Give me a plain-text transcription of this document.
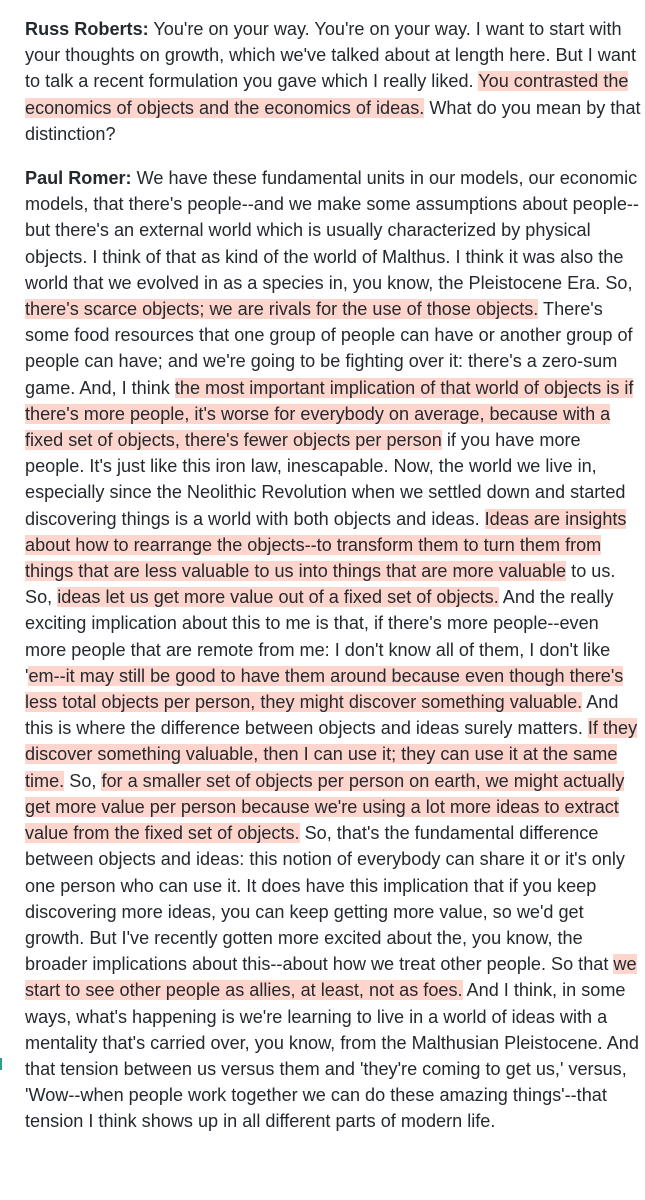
Russ Roberts: You're on your way. You're on your way. I want to start with your thoughts on growth, which we've talked about at length here. But I want to talk a recent formulation you gave which I really liked. You contrasted the economics of objects and the economics of ideas. What do you mean by that distinction?

Paul Romer: We have these fundamental units in our models, our economic models, that there's people--and we make some assumptions about people--but there's an external world which is usually characterized by physical objects. I think of that as kind of the world of Malthus. I think it was also the world that we evolved in as a species in, you know, the Pleistocene Era. So, there's scarce objects; we are rivals for the use of those objects. There's some food resources that one group of people can have or another group of people can have; and we're going to be fighting over it: there's a zero-sum game. And, I think the most important implication of that world of objects is if there's more people, it's worse for everybody on average, because with a fixed set of objects, there's fewer objects per person if you have more people. It's just like this iron law, inescapable. Now, the world we live in, especially since the Neolithic Revolution when we settled down and started discovering things is a world with both objects and ideas. Ideas are insights about how to rearrange the objects--to transform them to turn them from things that are less valuable to us into things that are more valuable to us. So, ideas let us get more value out of a fixed set of objects. And the really exciting implication about this to me is that, if there's more people--even more people that are remote from me: I don't know all of them, I don't like 'em--it may still be good to have them around because even though there's less total objects per person, they might discover something valuable. And this is where the difference between objects and ideas surely matters. If they discover something valuable, then I can use it; they can use it at the same time. So, for a smaller set of objects per person on earth, we might actually get more value per person because we're using a lot more ideas to extract value from the fixed set of objects. So, that's the fundamental difference between objects and ideas: this notion of everybody can share it or it's only one person who can use it. It does have this implication that if you keep discovering more ideas, you can keep getting more value, so we'd get growth. But I've recently gotten more excited about the, you know, the broader implications about this--about how we treat other people. So that we start to see other people as allies, at least, not as foes. And I think, in some ways, what's happening is we're learning to live in a world of ideas with a mentality that's carried over, you know, from the Malthusian Pleistocene. And that tension between us versus them and 'they're coming to get us,' versus, 'Wow--when people work together we can do these amazing things'--that tension I think shows up in all different parts of modern life.
